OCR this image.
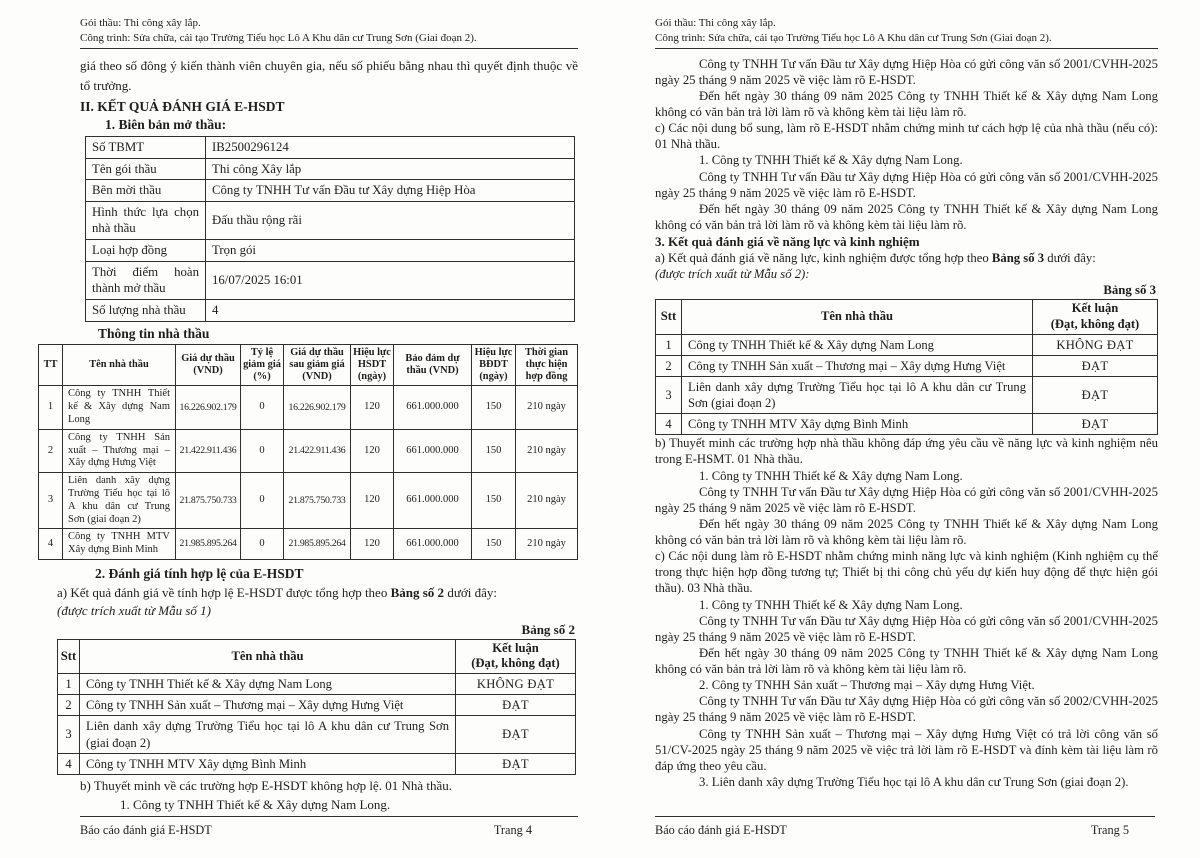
Gói thầu: Thi công xây lắp.
Công trình: Sửa chữa, cải tạo Trường Tiểu học Lô A Khu dân cư Trung Sơn (Giai đoạn 2).

giá theo số đông ý kiến thành viên chuyên gia, nếu số phiếu bằng nhau thì quyết định thuộc về tổ trưởng.

II. KẾT QUẢ ĐÁNH GIÁ E-HSDT
1. Biên bản mở thầu:
Số TBMT	IB2500296124
Tên gói thầu	Thi công Xây lắp
Bên mời thầu	Công ty TNHH Tư vấn Đầu tư Xây dựng Hiệp Hòa
Hình thức lựa chọn nhà thầu	Đấu thầu rộng rãi
Loại hợp đồng	Trọn gói
Thời điểm hoàn thành mở thầu	16/07/2025 16:01
Số lượng nhà thầu	4
Thông tin nhà thầu
TT	Tên nhà thầu	Giá dự thầu (VND)	Tỷ lệ giảm giá (%)	Giá dự thầu sau giảm giá (VND)	Hiệu lực HSDT (ngày)	Bảo đảm dự thầu (VND)	Hiệu lực BĐDT (ngày)	Thời gian thực hiện hợp đồng
1	Công ty TNHH Thiết kế & Xây dựng Nam Long	16.226.902.179	0	16.226.902.179	120	661.000.000	150	210 ngày
2	Công ty TNHH Sản xuất – Thương mại – Xây dựng Hưng Việt	21.422.911.436	0	21.422.911.436	120	661.000.000	150	210 ngày
3	Liên danh xây dựng Trường Tiểu học tại lô A khu dân cư Trung Sơn (giai đoạn 2)	21.875.750.733	0	21.875.750.733	120	661.000.000	150	210 ngày
4	Công ty TNHH MTV Xây dựng Bình Minh	21.985.895.264	0	21.985.895.264	120	661.000.000	150	210 ngày
2. Đánh giá tính hợp lệ của E-HSDT

a) Kết quả đánh giá về tính hợp lệ E-HSDT được tổng hợp theo Bảng số 2 dưới đây:

(được trích xuất từ Mẫu số 1)

Bảng số 2
Stt	Tên nhà thầu	Kết luận
(Đạt, không đạt)

1	Công ty TNHH Thiết kế & Xây dựng Nam Long	KHÔNG ĐẠT
2	Công ty TNHH Sản xuất – Thương mại – Xây dựng Hưng Việt	ĐẠT
3	Liên danh xây dựng Trường Tiểu học tại lô A khu dân cư Trung Sơn (giai đoạn 2)	ĐẠT
4	Công ty TNHH MTV Xây dựng Bình Minh	ĐẠT

b) Thuyết minh về các trường hợp E-HSDT không hợp lệ. 01 Nhà thầu.

1. Công ty TNHH Thiết kế & Xây dựng Nam Long.

Báo cáo đánh giá E-HSDT	Trang 4
Gói thầu: Thi công xây lắp.
Công trình: Sửa chữa, cải tạo Trường Tiểu học Lô A Khu dân cư Trung Sơn (Giai đoạn 2).

Công ty TNHH Tư vấn Đầu tư Xây dựng Hiệp Hòa có gửi công văn số 2001/CVHH-2025 ngày 25 tháng 9 năm 2025 về việc làm rõ E-HSDT.

Đến hết ngày 30 tháng 09 năm 2025 Công ty TNHH Thiết kế & Xây dựng Nam Long không có văn bản trả lời làm rõ và không kèm tài liệu làm rõ.

c) Các nội dung bổ sung, làm rõ E-HSDT nhằm chứng minh tư cách hợp lệ của nhà thầu (nếu có): 01 Nhà thầu.

1. Công ty TNHH Thiết kế & Xây dựng Nam Long.

Công ty TNHH Tư vấn Đầu tư Xây dựng Hiệp Hòa có gửi công văn số 2001/CVHH-2025 ngày 25 tháng 9 năm 2025 về việc làm rõ E-HSDT.

Đến hết ngày 30 tháng 09 năm 2025 Công ty TNHH Thiết kế & Xây dựng Nam Long không có văn bản trả lời làm rõ và không kèm tài liệu làm rõ.

3. Kết quả đánh giá về năng lực và kinh nghiệm

a) Kết quả đánh giá về năng lực, kinh nghiệm được tổng hợp theo Bảng số 3 dưới đây:

(được trích xuất từ Mẫu số 2):

Bảng số 3
Stt	Tên nhà thầu	Kết luận
(Đạt, không đạt)

1	Công ty TNHH Thiết kế & Xây dựng Nam Long	KHÔNG ĐẠT
2	Công ty TNHH Sản xuất – Thương mại – Xây dựng Hưng Việt	ĐẠT
3	Liên danh xây dựng Trường Tiểu học tại lô A khu dân cư Trung Sơn (giai đoạn 2)	ĐẠT
4	Công ty TNHH MTV Xây dựng Bình Minh	ĐẠT

b) Thuyết minh các trường hợp nhà thầu không đáp ứng yêu cầu về năng lực và kinh nghiệm nêu trong E-HSMT. 01 Nhà thầu.

1. Công ty TNHH Thiết kế & Xây dựng Nam Long.

Công ty TNHH Tư vấn Đầu tư Xây dựng Hiệp Hòa có gửi công văn số 2001/CVHH-2025 ngày 25 tháng 9 năm 2025 về việc làm rõ E-HSDT.

Đến hết ngày 30 tháng 09 năm 2025 Công ty TNHH Thiết kế & Xây dựng Nam Long không có văn bản trả lời làm rõ và không kèm tài liệu làm rõ.

c) Các nội dung làm rõ E-HSDT nhằm chứng minh năng lực và kinh nghiệm (Kinh nghiệm cụ thể trong thực hiện hợp đồng tương tự; Thiết bị thi công chủ yếu dự kiến huy động để thực hiện gói thầu). 03 Nhà thầu.

1. Công ty TNHH Thiết kế & Xây dựng Nam Long.

Công ty TNHH Tư vấn Đầu tư Xây dựng Hiệp Hòa có gửi công văn số 2001/CVHH-2025 ngày 25 tháng 9 năm 2025 về việc làm rõ E-HSDT.

Đến hết ngày 30 tháng 09 năm 2025 Công ty TNHH Thiết kế & Xây dựng Nam Long không có văn bản trả lời làm rõ và không kèm tài liệu làm rõ.

2. Công ty TNHH Sản xuất – Thương mại – Xây dựng Hưng Việt.

Công ty TNHH Tư vấn Đầu tư Xây dựng Hiệp Hòa có gửi công văn số 2002/CVHH-2025 ngày 25 tháng 9 năm 2025 về việc làm rõ E-HSDT.

Công ty TNHH Sản xuất – Thương mại – Xây dựng Hưng Việt có trả lời công văn số 51/CV-2025 ngày 25 tháng 9 năm 2025 về việc trả lời làm rõ E-HSDT và đính kèm tài liệu làm rõ đáp ứng theo yêu cầu.

3. Liên danh xây dựng Trường Tiểu học tại lô A khu dân cư Trung Sơn (giai đoạn 2).

Báo cáo đánh giá E-HSDT	Trang 5
